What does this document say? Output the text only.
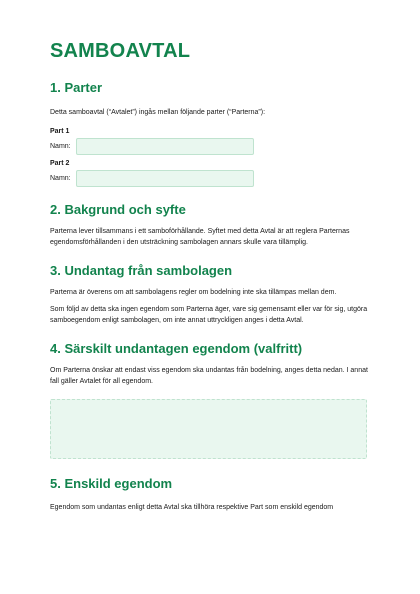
SAMBOAVTAL
1. Parter

Detta samboavtal (“Avtalet”) ingås mellan följande parter (“Parterna”):

Part 1
Namn:
Part 2
Namn:
2. Bakgrund och syfte

Parterna lever tillsammans i ett samboförhållande. Syftet med detta Avtal är att reglera Parternas egendomsförhållanden i den utsträckning sambolagen annars skulle vara tillämplig.

3. Undantag från sambolagen

Parterna är överens om att sambolagens regler om bodelning inte ska tillämpas mellan dem.

Som följd av detta ska ingen egendom som Parterna äger, vare sig gemensamt eller var för sig, utgöra samboegendom enligt sambolagen, om inte annat uttryckligen anges i detta Avtal.

4. Särskilt undantagen egendom (valfritt)

Om Parterna önskar att endast viss egendom ska undantas från bodelning, anges detta nedan. I annat fall gäller Avtalet för all egendom.

5. Enskild egendom

Egendom som undantas enligt detta Avtal ska tillhöra respektive Part som enskild egendom
